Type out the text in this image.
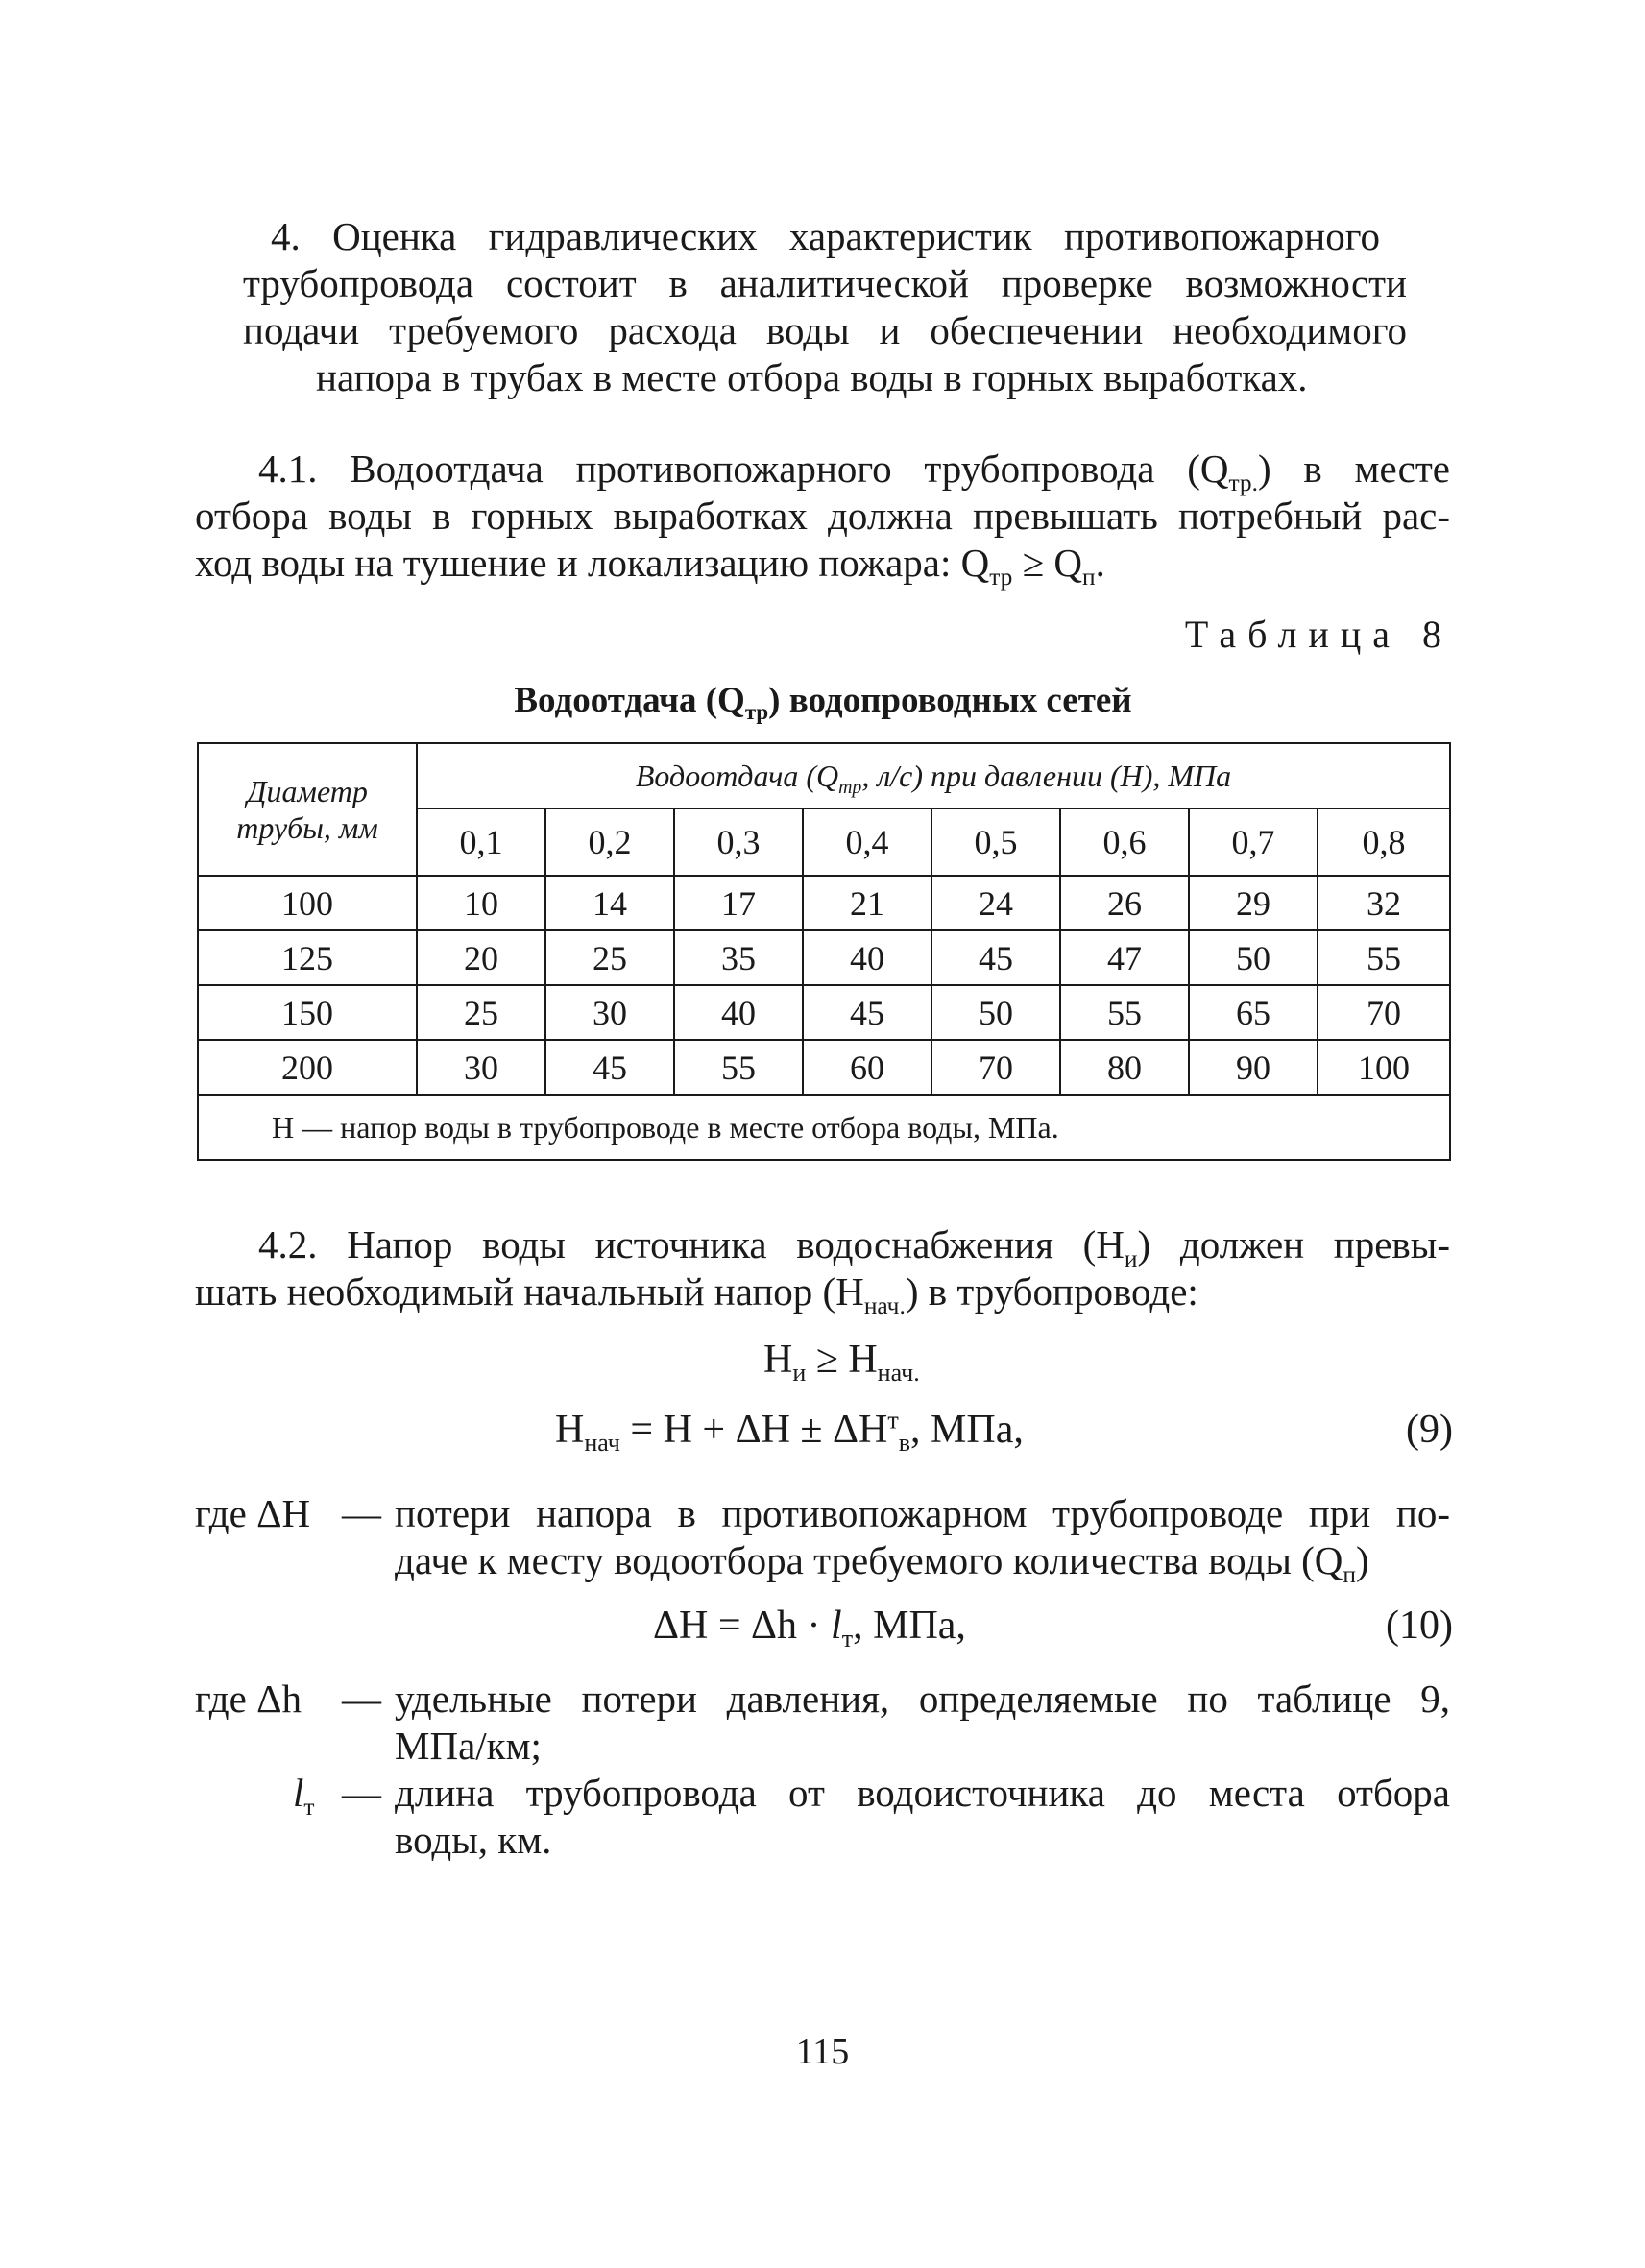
4. Оценка гидравлических характеристик противопожарного
трубопровода состоит в аналитической проверке возможности
подачи требуемого расхода воды и обеспечении необходимого
напора в трубах в месте отбора воды в горных выработках.
4.1. Водоотдача противопожарного трубопровода $(Q_{тр.})$ в месте
отбора воды в горных выработках должна превышать потребный рас-
ход воды на тушение и локализацию пожара: $Q_{тр} \ge Q_п$.
Таблица 8
Водоотдача $(Q_{тр})$ водопроводных сетей
Диаметр трубы, мм	Водоотдача ($Q_{тр}$, л/с) при давлении (Н), МПа							
	0,1	0,2	0,3	0,4	0,5	0,6	0,7	0,8
100	10	14	17	21	24	26	29	32
125	20	25	35	40	45	47	50	55
150	25	30	40	45	50	55	65	70
200	30	45	55	60	70	80	90	100
Н — напор воды в трубопроводе в месте отбора воды, МПа.								
4.2. Напор воды источника водоснабжения $(Н_и)$ должен превы-
шать необходимый начальный напор $(Н_{нач.})$ в трубопроводе:
$Н_и \ge Н_{нач.}$
$Н_{нач} = Н + \Delta Н \pm \Delta Н^т_в$, МПа,	(9)
где ΔН — потери напора в противопожарном трубопроводе при по-
даче к месту водоотбора требуемого количества воды $(Q_п)$
$\Delta Н = \Delta h \cdot l_т$, МПа,	(10)
где Δh — удельные потери давления, определяемые по таблице 9,
МПа/км;
$l_т$ — длина трубопровода от водоисточника до места отбора
воды, км.
115
